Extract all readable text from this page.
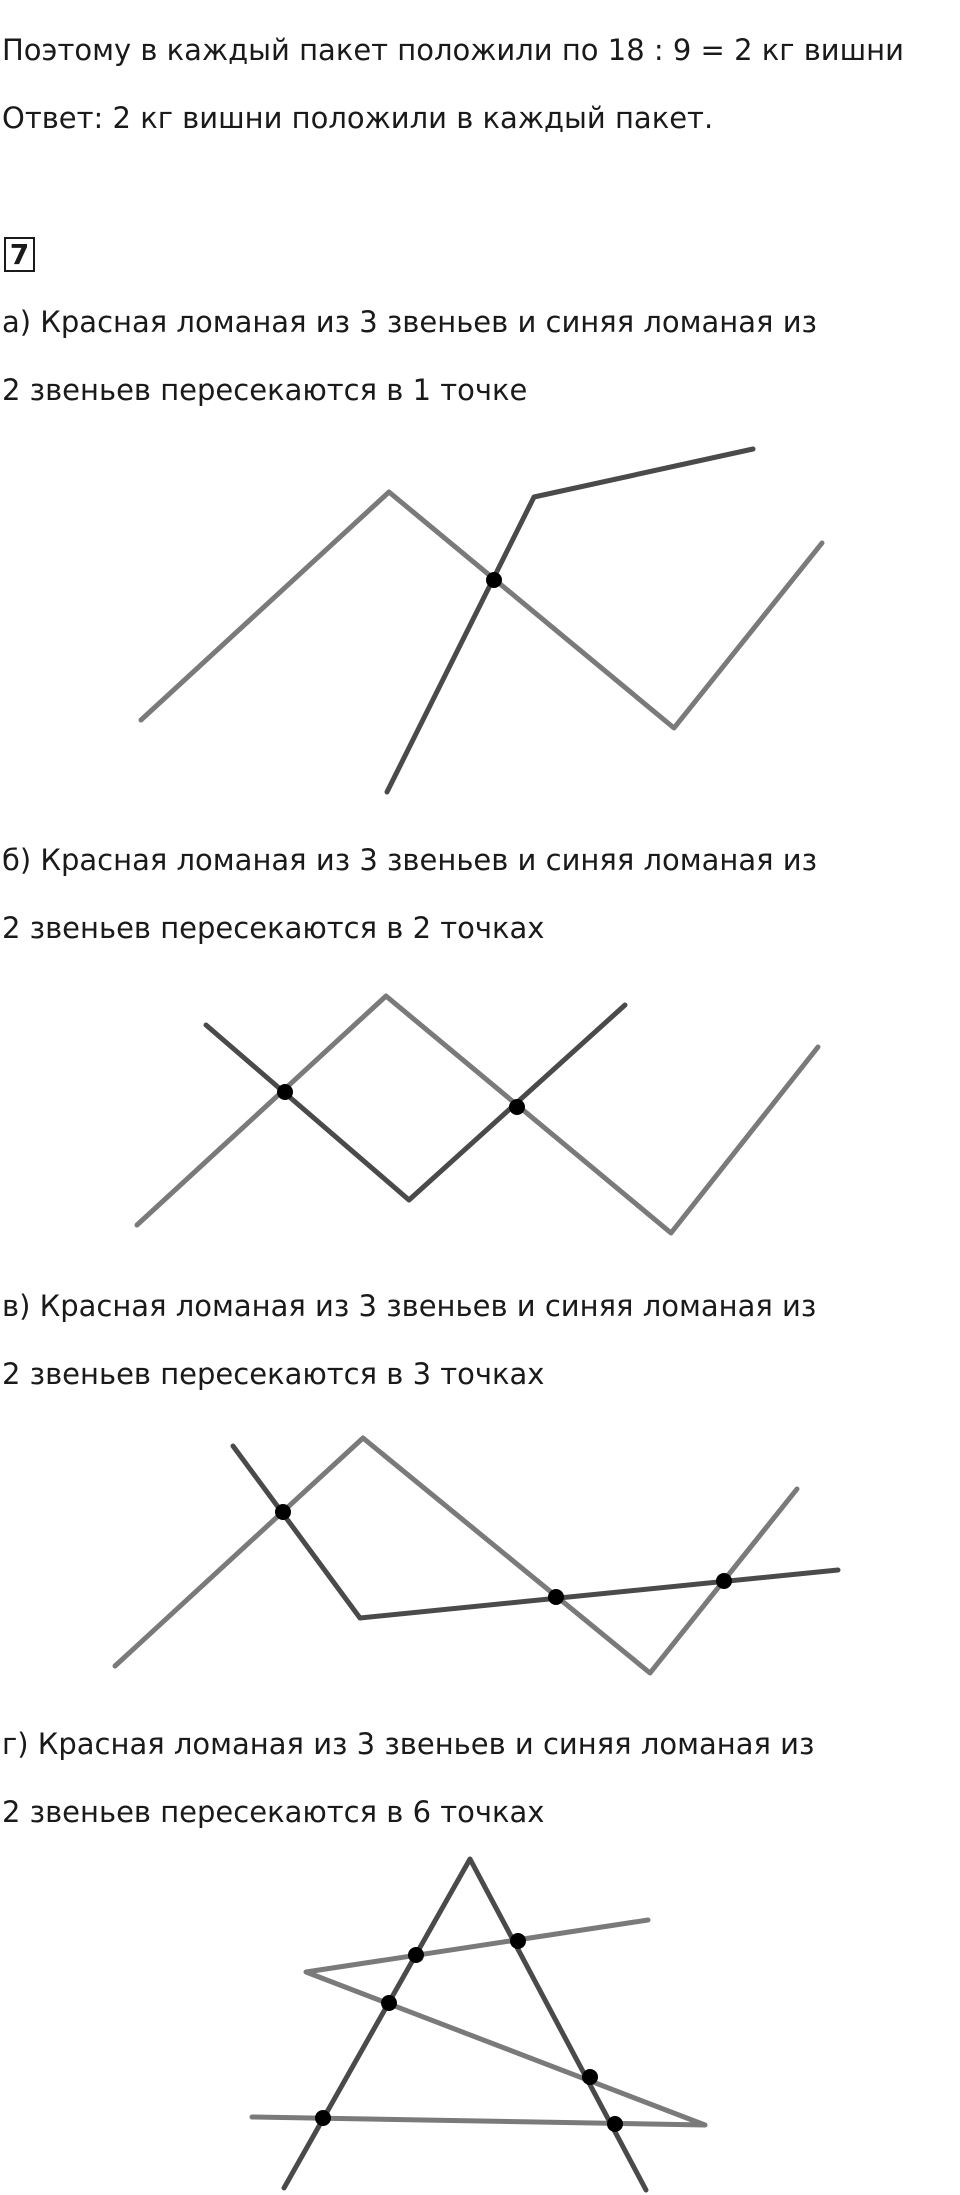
Поэтому в каждый пакет положили по 18 : 9 = 2 кг вишни
Ответ: 2 кг вишни положили в каждый пакет.
7
а) Красная ломаная из 3 звеньев и синяя ломаная из
2 звеньев пересекаются в 1 точке
б) Красная ломаная из 3 звеньев и синяя ломаная из
2 звеньев пересекаются в 2 точках
в) Красная ломаная из 3 звеньев и синяя ломаная из
2 звеньев пересекаются в 3 точках
г) Красная ломаная из 3 звеньев и синяя ломаная из
2 звеньев пересекаются в 6 точках
